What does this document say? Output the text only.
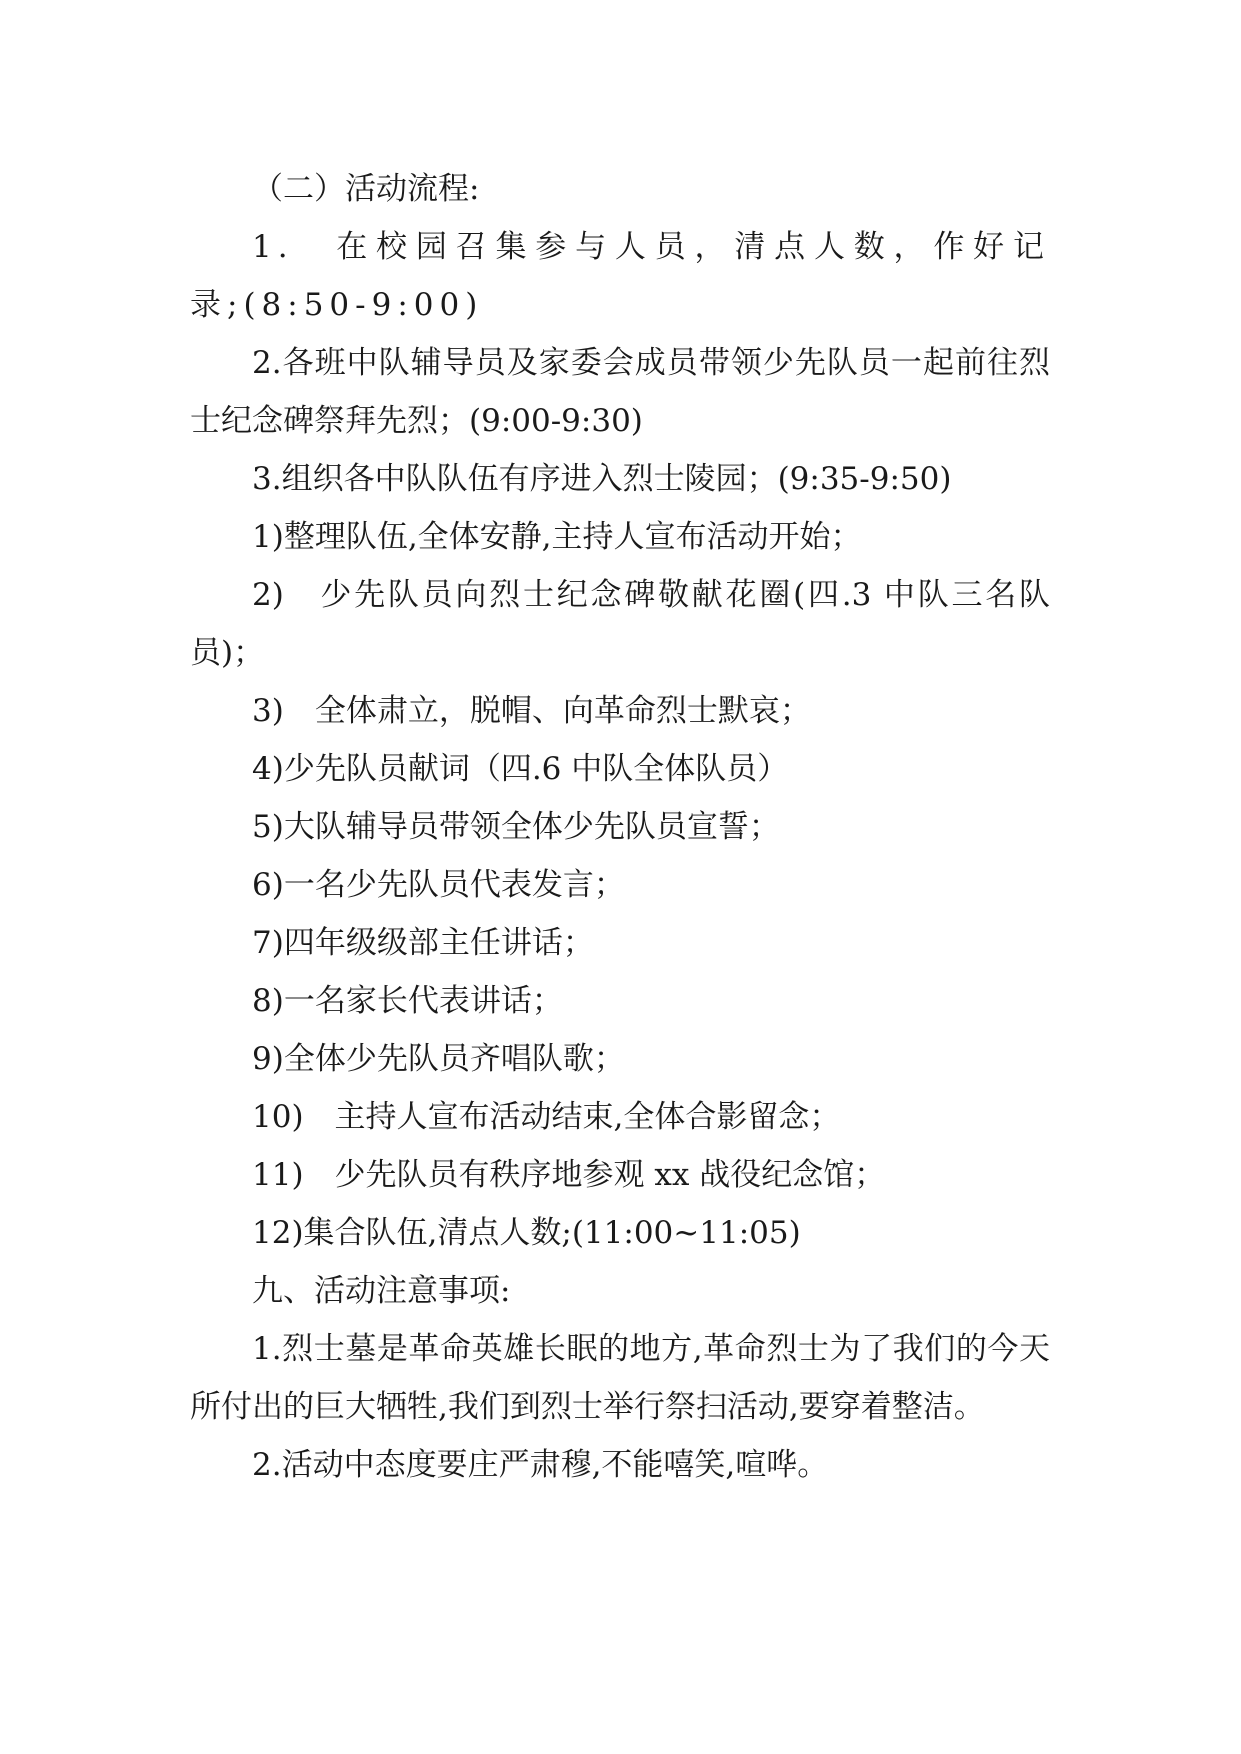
（二）活动流程:

1.　在校园召集参与人员，清点人数，作好记录;(8:50-9:00)

2.各班中队辅导员及家委会成员带领少先队员一起前往烈士纪念碑祭拜先烈；(9:00-9:30)

3.组织各中队队伍有序进入烈士陵园；(9:35-9:50)

1)整理队伍,全体安静,主持人宣布活动开始；

2)　少先队员向烈士纪念碑敬献花圈(四.3 中队三名队员)；

3)　全体肃立，脱帽、向革命烈士默哀；

4)少先队员献词（四.6 中队全体队员）

5)大队辅导员带领全体少先队员宣誓；

6)一名少先队员代表发言；

7)四年级级部主任讲话；

8)一名家长代表讲话；

9)全体少先队员齐唱队歌；

10)　主持人宣布活动结束,全体合影留念；

11)　少先队员有秩序地参观 xx 战役纪念馆；

12)集合队伍,清点人数;(11:00~11:05)

九、活动注意事项:

1.烈士墓是革命英雄长眠的地方,革命烈士为了我们的今天所付出的巨大牺牲,我们到烈士举行祭扫活动,要穿着整洁。

2.活动中态度要庄严肃穆,不能嘻笑,喧哗。
